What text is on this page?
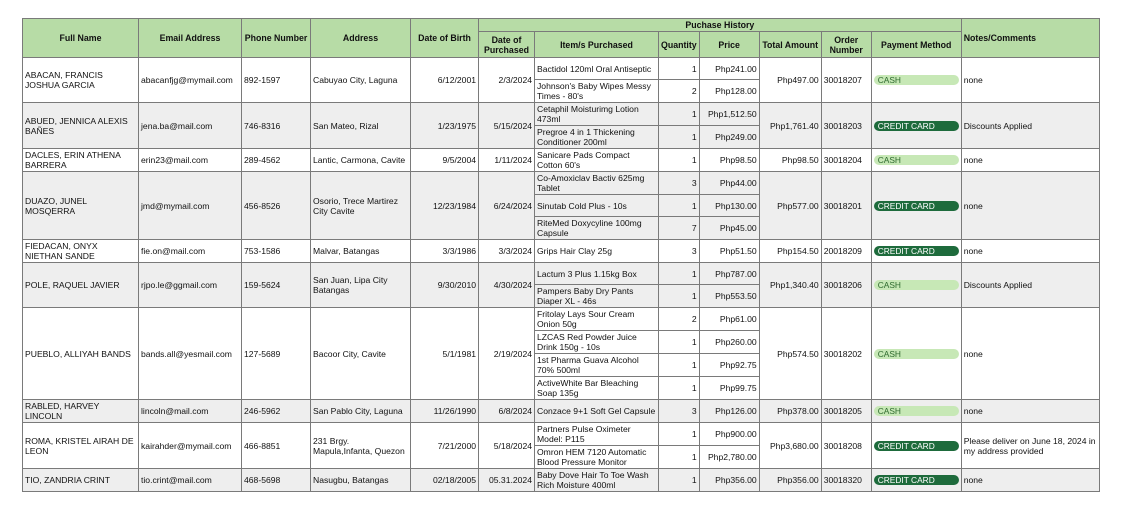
Full Name	Email Address	Phone Number	Address	Date of Birth	Puchase History							Notes/Comments
					Date of Purchased	Item/s Purchased	Quantity	Price	Total Amount	Order Number	Payment Method	
ABACAN, FRANCIS JOSHUA GARCIA	abacanfjg@mymail.com	892-1597	Cabuyao City, Laguna	6/12/2001	2/3/2024	Bactidol 120ml Oral Antiseptic	1	Php241.00	Php497.00	30018207	CASH	none
						Johnson's Baby Wipes Messy Times - 80's	2	Php128.00				
ABUED, JENNICA ALEXIS BAÑES	jena.ba@mail.com	746-8316	San Mateo, Rizal	1/23/1975	5/15/2024	Cetaphil Moisturimg Lotion 473ml	1	Php1,512.50	Php1,761.40	30018203	CREDIT CARD	Discounts Applied
						Pregroe 4 in 1 Thickening Conditioner 200ml	1	Php249.00				
DACLES, ERIN ATHENA BARRERA	erin23@mail.com	289-4562	Lantic, Carmona, Cavite	9/5/2004	1/11/2024	Sanicare Pads Compact Cotton 60's	1	Php98.50	Php98.50	30018204	CASH	none
DUAZO, JUNEL MOSQERRA	jmd@mymail.com	456-8526	Osorio, Trece Martirez City Cavite	12/23/1984	6/24/2024	Co-Amoxiclav Bactiv 625mg Tablet	3	Php44.00	Php577.00	30018201	CREDIT CARD	none
						Sinutab Cold Plus - 10s	1	Php130.00				
						RiteMed Doxycyline 100mg Capsule	7	Php45.00				
FIEDACAN, ONYX NIETHAN SANDE	fie.on@mail.com	753-1586	Malvar, Batangas	3/3/1986	3/3/2024	Grips Hair Clay 25g	3	Php51.50	Php154.50	20018209	CREDIT CARD	none
POLE, RAQUEL JAVIER	rjpo.le@ggmail.com	159-5624	San Juan, Lipa City Batangas	9/30/2010	4/30/2024	Lactum 3 Plus 1.15kg Box	1	Php787.00	Php1,340.40	30018206	CASH	Discounts Applied
						Pampers Baby Dry Pants Diaper XL - 46s	1	Php553.50				
PUEBLO, ALLIYAH BANDS	bands.all@yesmail.com	127-5689	Bacoor City, Cavite	5/1/1981	2/19/2024	Fritolay Lays Sour Cream Onion 50g	2	Php61.00	Php574.50	30018202	CASH	none
						LZCAS Red Powder Juice Drink 150g - 10s	1	Php260.00				
						1st Pharma Guava Alcohol 70% 500ml	1	Php92.75				
						ActiveWhite Bar Bleaching Soap 135g	1	Php99.75				
RABLED, HARVEY LINCOLN	lincoln@mail.com	246-5962	San Pablo City, Laguna	11/26/1990	6/8/2024	Conzace 9+1 Soft Gel Capsule	3	Php126.00	Php378.00	30018205	CASH	none
ROMA, KRISTEL AIRAH DE LEON	kairahder@mymail.com	466-8851	231 Brgy. Mapula,Infanta, Quezon	7/21/2000	5/18/2024	Partners Pulse Oximeter Model: P115	1	Php900.00	Php3,680.00	30018208	CREDIT CARD	Please deliver on June 18, 2024 in my address provided
						Omron HEM 7120 Automatic Blood Pressure Monitor	1	Php2,780.00				
TIO, ZANDRIA CRINT	tio.crint@mail.com	468-5698	Nasugbu, Batangas	02/18/2005	05.31.2024	Baby Dove Hair To Toe Wash Rich Moisture 400ml	1	Php356.00	Php356.00	30018320	CREDIT CARD	none
